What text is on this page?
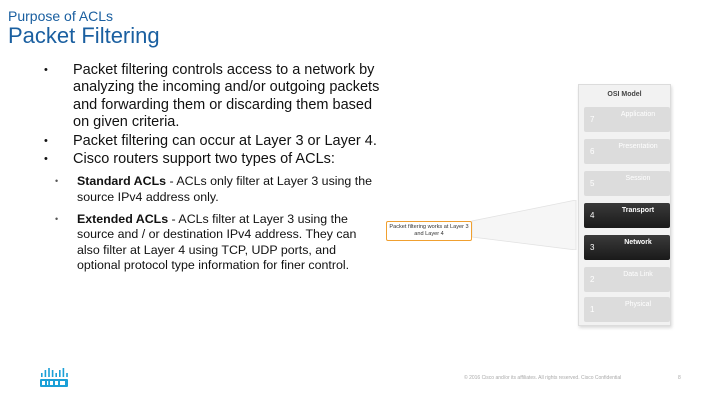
Purpose of ACLs
Packet Filtering
• Packet filtering controls access to a network by analyzing the incoming and/or outgoing packets and forwarding them or discarding them based on given criteria.
• Packet filtering can occur at Layer 3 or Layer 4.
• Cisco routers support two types of ACLs:
• Standard ACLs - ACLs only filter at Layer 3 using the source IPv4 address only.
• Extended ACLs - ACLs filter at Layer 3 using the source and / or destination IPv4 address. They can also filter at Layer 4 using TCP, UDP ports, and optional protocol type information for finer control.
OSI Model
7
Application
6
Presentation
5
Session
4
Transport
3
Network
2
Data Link
1
Physical
Packet filtering works at Layer 3 and Layer 4
© 2016 Cisco and/or its affiliates. All rights reserved. Cisco Confidential	8
